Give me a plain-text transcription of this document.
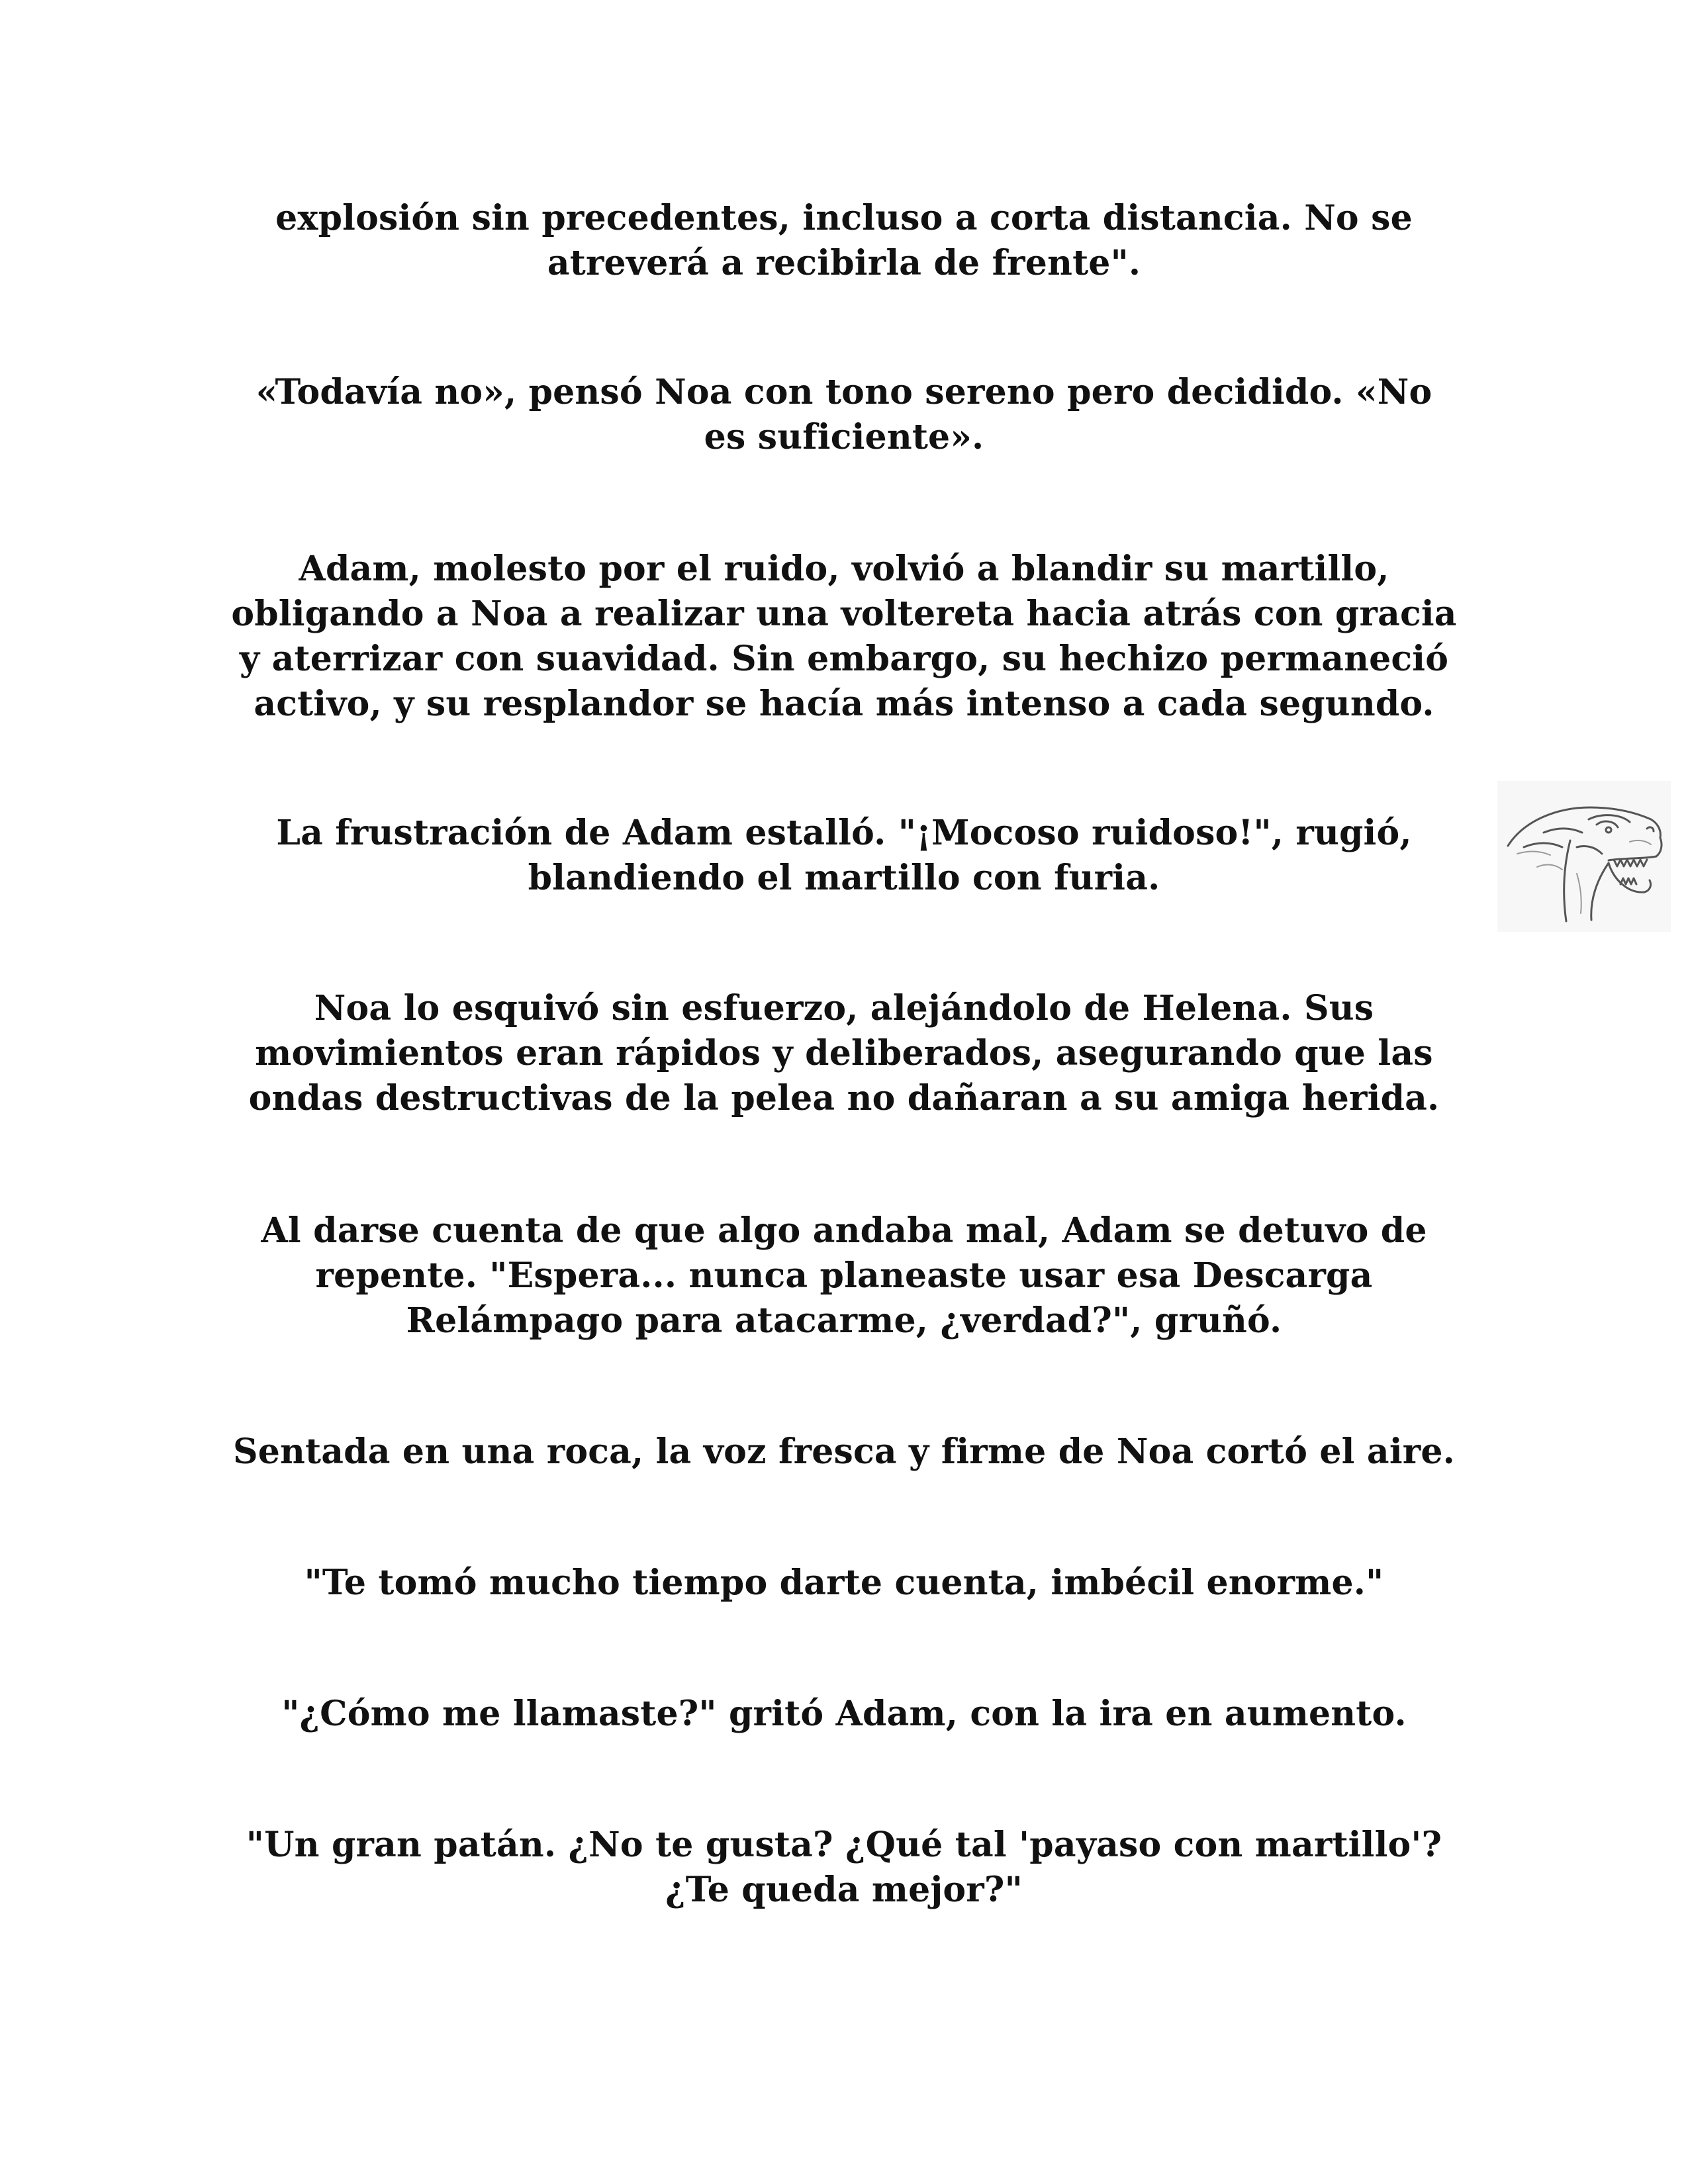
explosión sin precedentes, incluso a corta distancia. No se
atreverá a recibirla de frente".
«Todavía no», pensó Noa con tono sereno pero decidido. «No
es suficiente».
Adam, molesto por el ruido, volvió a blandir su martillo,
obligando a Noa a realizar una voltereta hacia atrás con gracia
y aterrizar con suavidad. Sin embargo, su hechizo permaneció
activo, y su resplandor se hacía más intenso a cada segundo.
La frustración de Adam estalló. "¡Mocoso ruidoso!", rugió,
blandiendo el martillo con furia.
Noa lo esquivó sin esfuerzo, alejándolo de Helena. Sus
movimientos eran rápidos y deliberados, asegurando que las
ondas destructivas de la pelea no dañaran a su amiga herida.
Al darse cuenta de que algo andaba mal, Adam se detuvo de
repente. "Espera... nunca planeaste usar esa Descarga
Relámpago para atacarme, ¿verdad?", gruñó.
Sentada en una roca, la voz fresca y firme de Noa cortó el aire.
"Te tomó mucho tiempo darte cuenta, imbécil enorme."
"¿Cómo me llamaste?" gritó Adam, con la ira en aumento.
"Un gran patán. ¿No te gusta? ¿Qué tal 'payaso con martillo'?
¿Te queda mejor?"
